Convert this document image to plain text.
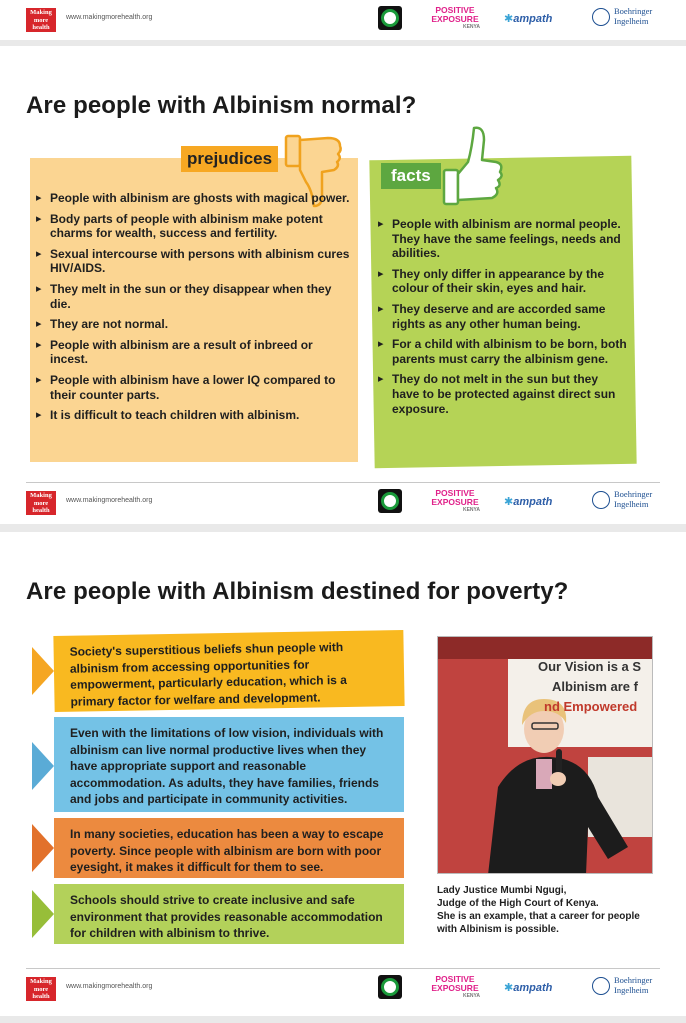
Making
more
health
www.makingmorehealth.org
POSITIVE EXPOSURE
KENYA
✱ampath
Boehringer
Ingelheim
Are people with Albinism normal?
prejudices
facts
▸ People with albinism are ghosts with magical power.
▸ Body parts of people with albinism make potent charms for wealth, success and fertility.
▸ Sexual intercourse with persons with albinism cures HIV/AIDS.
▸ They melt in the sun or they disappear when they die.
▸ They are not normal.
▸ People with albinism are a result of inbreed or incest.
▸ People with albinism have a lower IQ compared to their counter parts.
▸ It is difficult to teach children with albinism.
▸ People with albinism are normal people. They have the same feelings, needs and abilities.
▸ They only differ in appearance by the colour of their skin, eyes and hair.
▸ They deserve and are accorded same rights as any other human being.
▸ For a child with albinism to be born, both parents must carry the albinism gene.
▸ They do not melt in the sun but they have to be protected against direct sun exposure.
Making
more
health
www.makingmorehealth.org
POSITIVE EXPOSURE
KENYA
✱ampath
Boehringer
Ingelheim
Are people with Albinism destined for poverty?
Society's superstitious beliefs shun people with albinism from accessing opportunities for empowerment, particularly education, which is a primary factor for welfare and development.
Even with the limitations of low vision, individuals with albinism can live normal productive lives when they have appropriate support and reasonable accommodation. As adults, they have families, friends and jobs and participate in community activities.
In many societies, education has been a way to escape poverty. Since people with albinism are born with poor eyesight, it makes it difficult for them to see.
Schools should strive to create inclusive and safe environment that provides reasonable accommodation for children with albinism to thrive.
Our Vision is a S
Albinism are f
nd Empowered
Lady Justice Mumbi Ngugi,
Judge of the High Court of Kenya.
She is an example, that a career for people with Albinism is possible.
Making
more
health
www.makingmorehealth.org
POSITIVE EXPOSURE
KENYA
✱ampath
Boehringer
Ingelheim
